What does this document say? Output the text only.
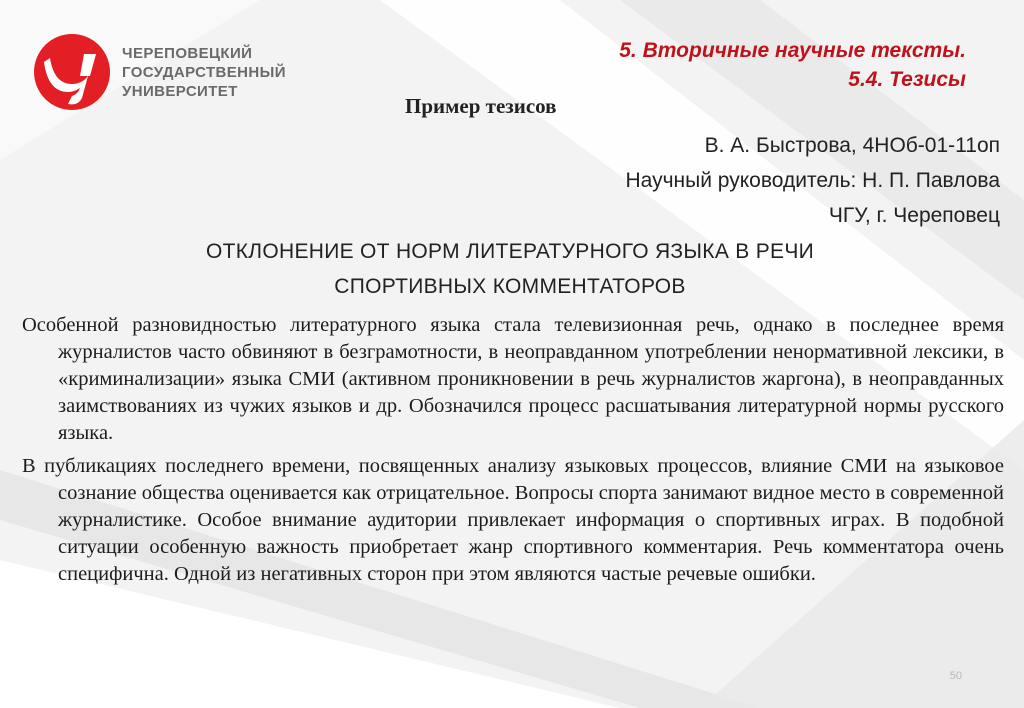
ЧЕРЕПОВЕЦКИЙ
ГОСУДАРСТВЕННЫЙ
УНИВЕРСИТЕТ
5. Вторичные научные тексты.
5.4. Тезисы
Пример тезисов
В. А. Быстрова, 4НОб-01-11оп
Научный руководитель: Н. П. Павлова
ЧГУ, г. Череповец
ОТКЛОНЕНИЕ ОТ НОРМ ЛИТЕРАТУРНОГО ЯЗЫКА В РЕЧИ
СПОРТИВНЫХ КОММЕНТАТОРОВ

Особенной разновидностью литературного языка стала телевизионная речь, однако в последнее время журналистов часто обвиняют в безграмотности, в неоправданном употреблении ненормативной лексики, в «криминализации» языка СМИ (активном проникновении в речь журналистов жаргона), в неоправданных заимствованиях из чужих языков и др. Обозначился процесс расшатывания литературной нормы русского языка.

В публикациях последнего времени, посвященных анализу языковых процессов, влияние СМИ на языковое сознание общества оценивается как отрицательное. Вопросы спорта занимают видное место в современной журналистике. Особое внимание аудитории привлекает информация о спортивных играх. В подобной ситуации особенную важность приобретает жанр спортивного комментария. Речь комментатора очень специфична. Одной из негативных сторон при этом являются частые речевые ошибки.

50
